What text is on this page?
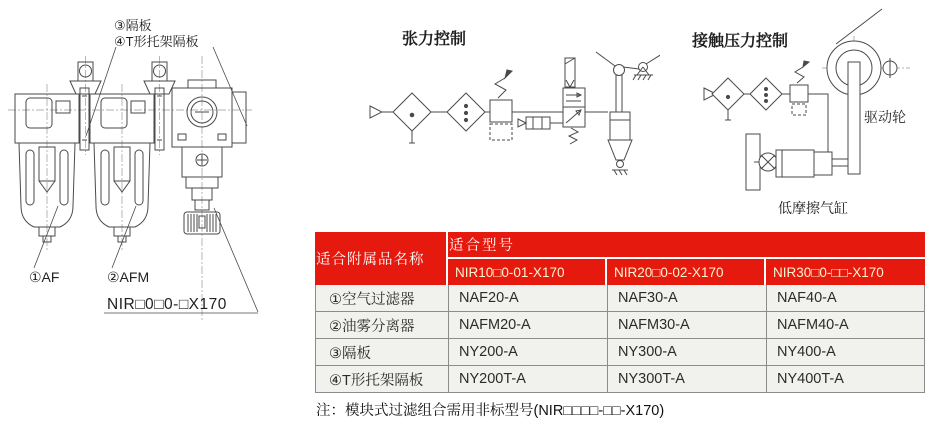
③隔板
④T形托架隔板
①AF	②AFM
NIR□0□0-□X170
张力控制	接触压力控制
驱动轮
低摩擦气缸
适合附属品名称	适合型号		
	NIR10□0-01-X170	NIR20□0-02-X170	NIR30□0-□□-X170
①空气过滤器	NAF20-A	NAF30-A	NAF40-A
②油雾分离器	NAFM20-A	NAFM30-A	NAFM40-A
③隔板	NY200-A	NY300-A	NY400-A
④T形托架隔板	NY200T-A	NY300T-A	NY400T-A
注：模块式过滤组合需用非标型号(NIR□□□□-□□-X170)
